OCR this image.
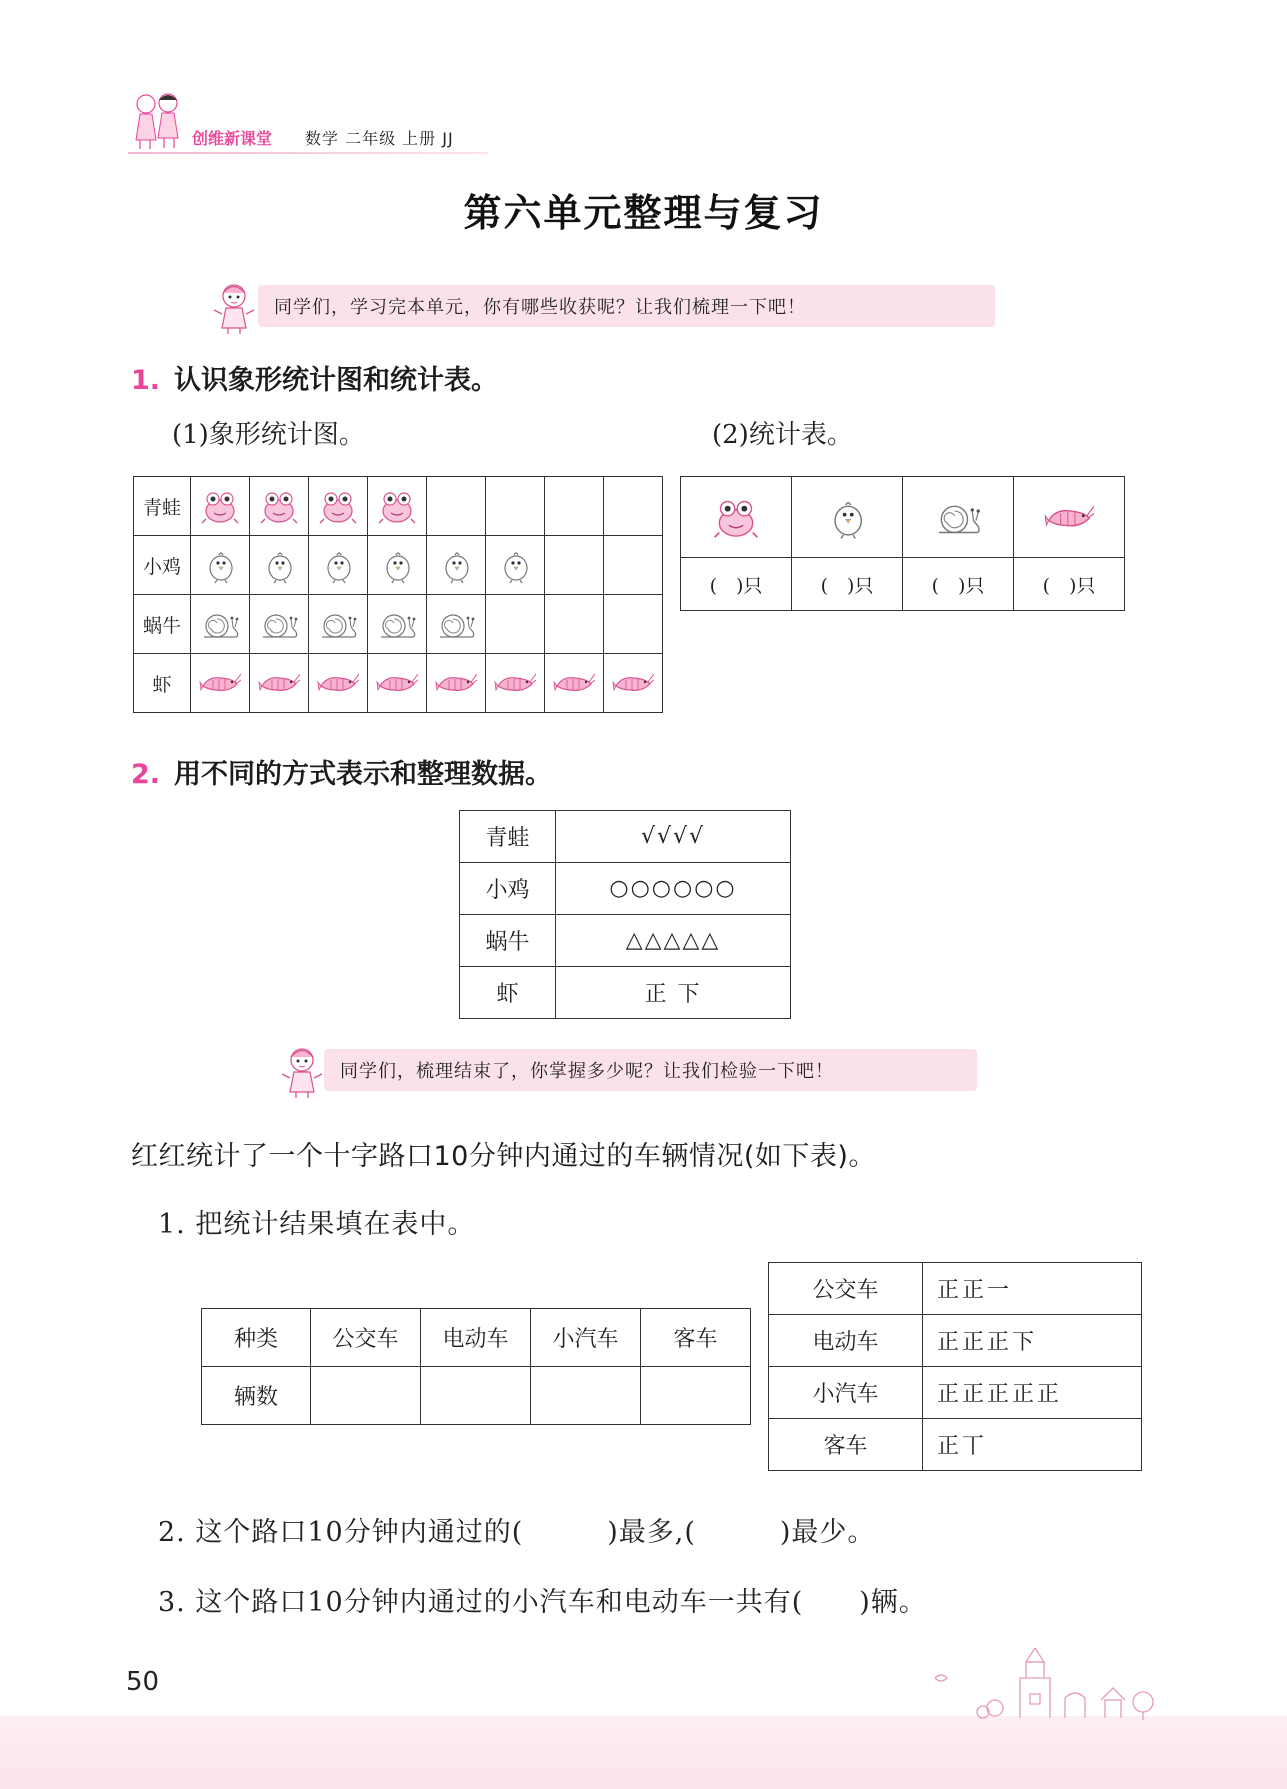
创维新课堂 数学 二年级 上册 JJ
第六单元整理与复习
同学们，学习完本单元，你有哪些收获呢？让我们梳理一下吧！
1. 认识象形统计图和统计表。
(1)象形统计图。	(2)统计表。
青蛙	

小鸡	

蜗牛	

虾	

(　)只	(　)只	(　)只	(　)只
2. 用不同的方式表示和整理数据。
青蛙	√√√√
小鸡	○○○○○○
蜗牛	△△△△△
虾	正 下
同学们，梳理结束了，你掌握多少呢？让我们检验一下吧！
红红统计了一个十字路口10分钟内通过的车辆情况(如下表)。
1. 把统计结果填在表中。
种类	公交车	电动车	小汽车	客车
辆数				
公交车	正正一
电动车	正正正下
小汽车	正正正正正
客车	正丅
2. 这个路口10分钟内通过的(　　　)最多,(　　　)最少。
3. 这个路口10分钟内通过的小汽车和电动车一共有(　　)辆。
50
